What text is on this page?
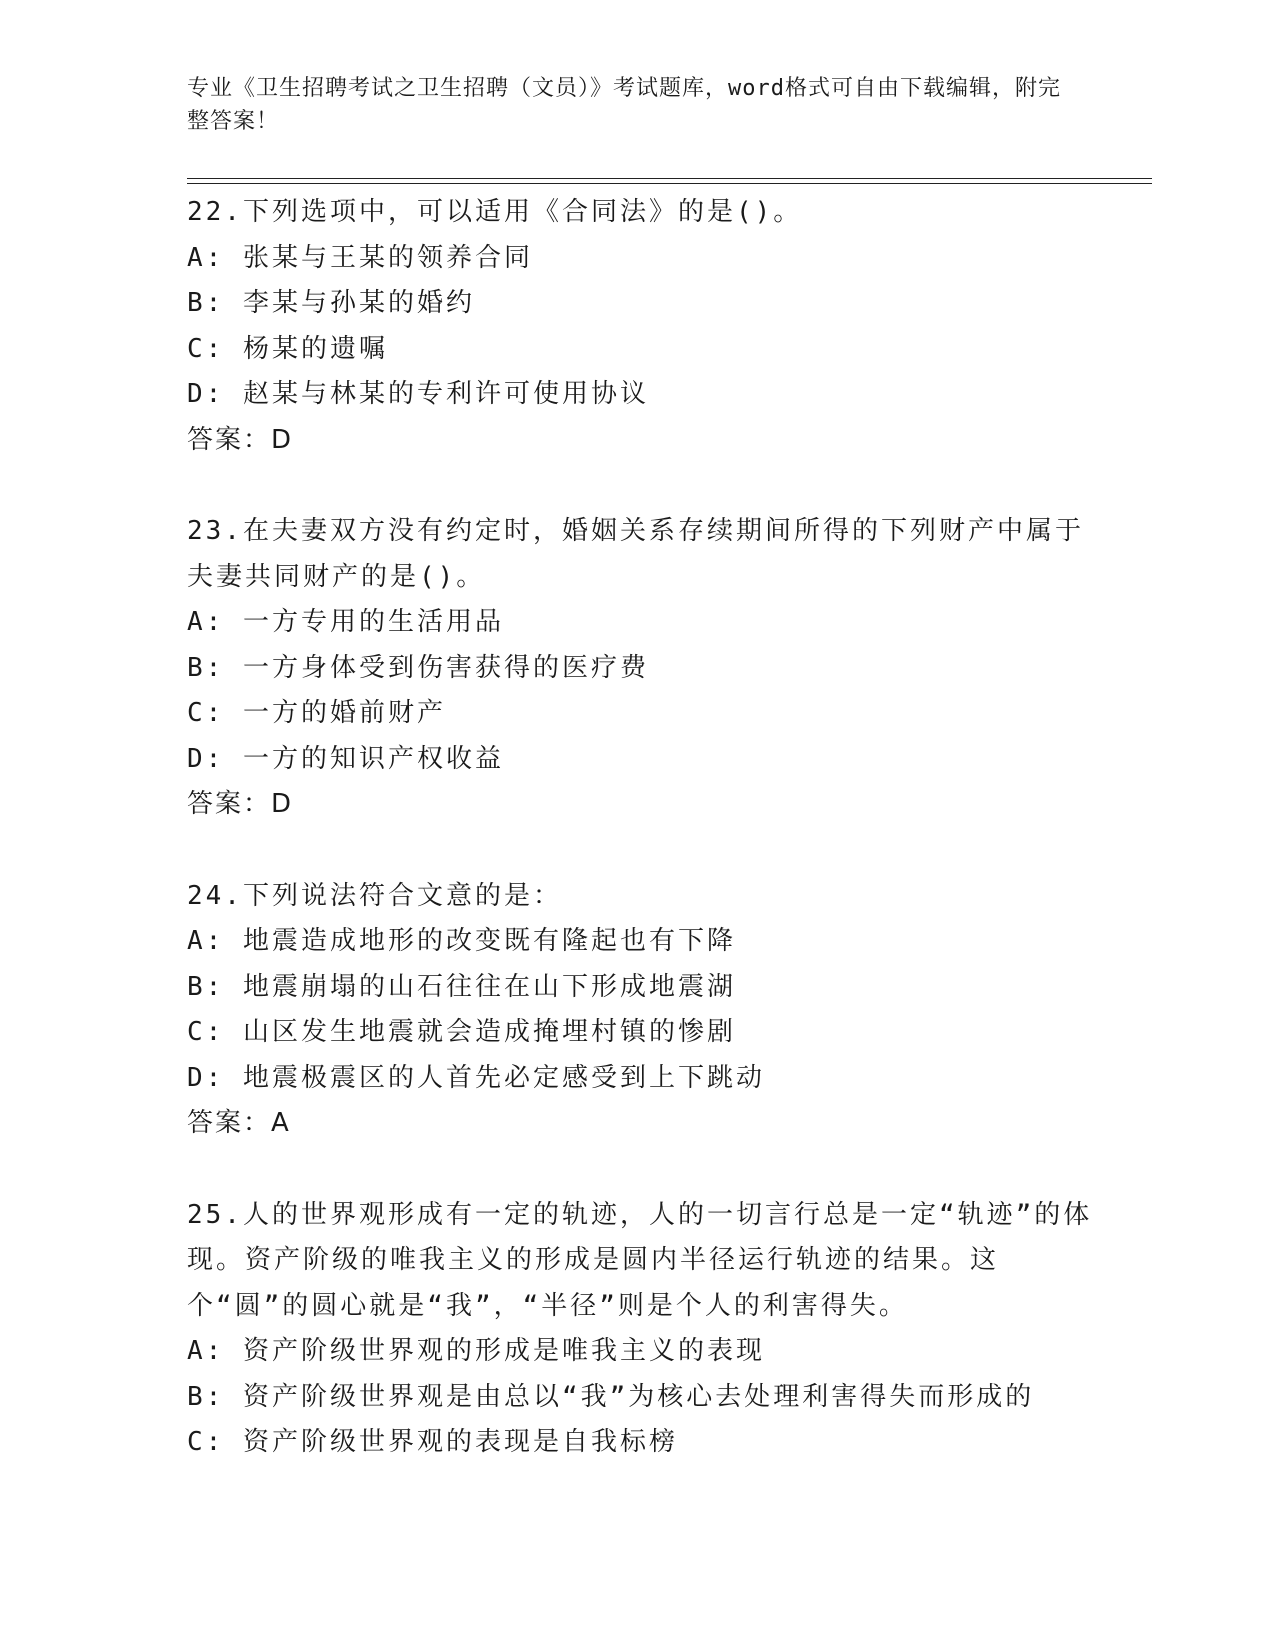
专业《卫生招聘考试之卫生招聘（文员）》考试题库，word格式可自由下载编辑，附完整答案！

22.下列选项中，可以适用《合同法》的是()。

A: 张某与王某的领养合同

B: 李某与孙某的婚约

C: 杨某的遗嘱

D: 赵某与林某的专利许可使用协议

答案：D

23.在夫妻双方没有约定时，婚姻关系存续期间所得的下列财产中属于夫妻共同财产的是()。

A: 一方专用的生活用品

B: 一方身体受到伤害获得的医疗费

C: 一方的婚前财产

D: 一方的知识产权收益

答案：D

24.下列说法符合文意的是：

A: 地震造成地形的改变既有隆起也有下降

B: 地震崩塌的山石往往在山下形成地震湖

C: 山区发生地震就会造成掩埋村镇的惨剧

D: 地震极震区的人首先必定感受到上下跳动

答案：A

25.人的世界观形成有一定的轨迹，人的一切言行总是一定“轨迹”的体现。资产阶级的唯我主义的形成是圆内半径运行轨迹的结果。这个“圆”的圆心就是“我”，“半径”则是个人的利害得失。

A: 资产阶级世界观的形成是唯我主义的表现

B: 资产阶级世界观是由总以“我”为核心去处理利害得失而形成的

C: 资产阶级世界观的表现是自我标榜
